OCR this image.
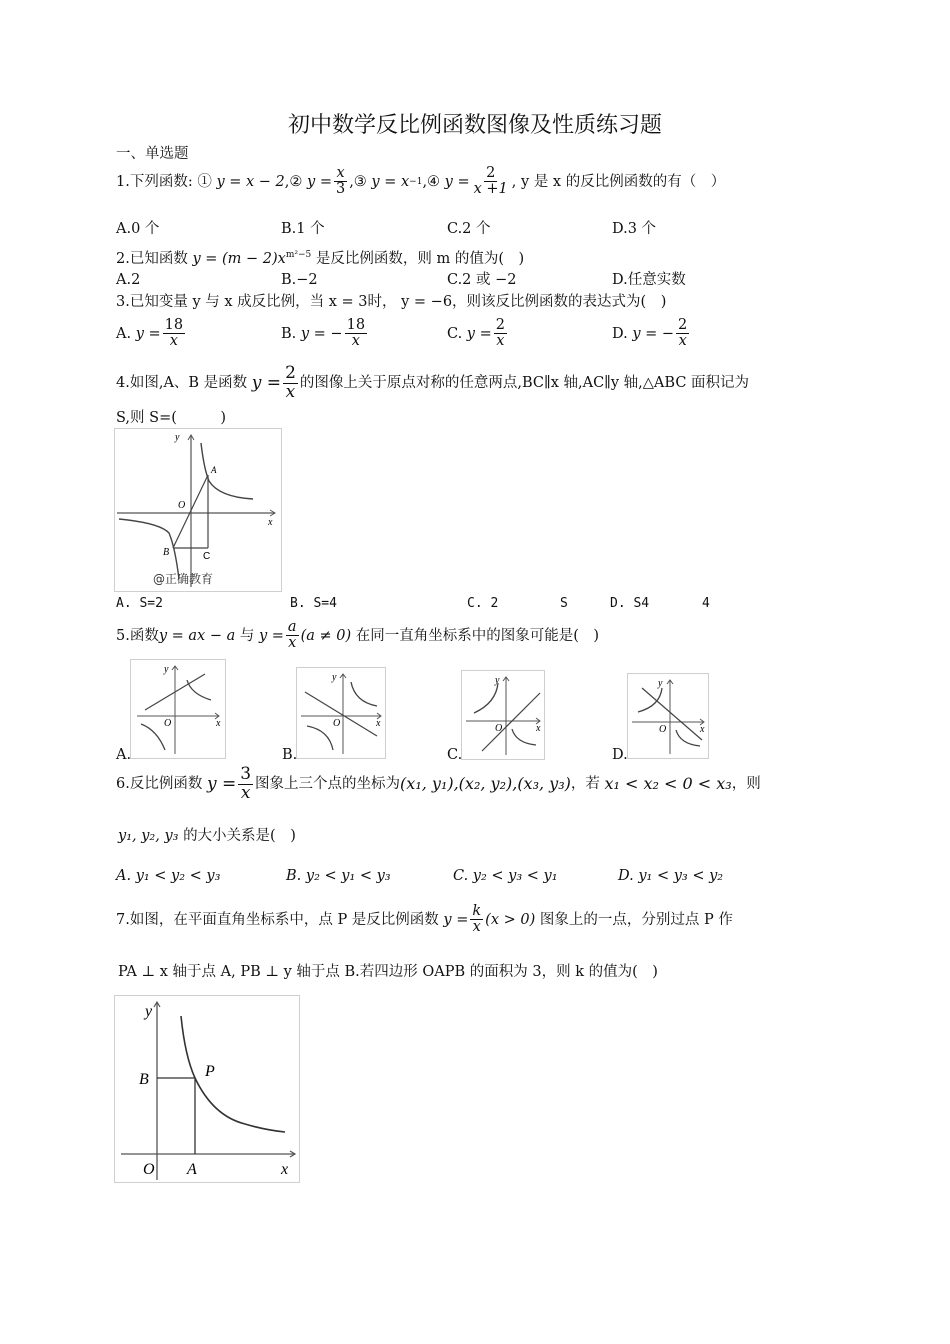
初中数学反比例函数图像及性质练习题
一、单选题
1.下列函数: ①
y = x − 2 ,②
$y = \frac{x}{3}$ ,③
y = x −1 ,④
$y = \frac{2}{x +1}$ , y 是 x 的反比例函数的有（　）
A.0 个	B.1 个	C.2 个	D.3 个
2.已知函数 $y = (m - 2)x^{m^2-5}$ 是反比例函数，则 m 的值为(　)
A.2	B.−2	C.2 或 −2	D.任意实数
3.已知变量 y 与 x 成反比例，当 x = 3时， y = −6，则该反比例函数的表达式为(　)
A.
$y = \frac{18}{x}$	B.
y = − $\frac{18}{x}$	C.
$y = \frac{2}{x}$	D.
y = − $\frac{2}{x}$
4.如图,A、B 是函数
$y = \frac{2}{x}$ 的图像上关于原点对称的任意两点,BC∥x 轴,AC∥y 轴,△ABC 面积记为
S,则 S=(　　　)
y
x
O
A
B	C
@正确教育
A. S=2	B. S=4	C. 2	S	D. S4	4
5.函数 y = ax − a
与
$y = \frac{a}{x} (a \ne 0)$
在同一直角坐标系中的图象可能是(　)
y
x
O
A.
y
x
O
B.
y
x
O
C.
y
x
O
D.
6.反比例函数
$y = \frac{3}{x}$ 图象上三个点的坐标为 (x₁, y₁),(x₂, y₂),(x₃, y₃) ，若
x₁ < x₂ < 0 < x₃ ，则
y₁, y₂, y₃ 的大小关系是(　)
A. y₁ < y₂ < y₃	B. y₂ < y₁ < y₃	C. y₂ < y₃ < y₁	D. y₁ < y₃ < y₂
7.如图，在平面直角坐标系中，点 P 是反比例函数
$y = \frac{k}{x} (x > 0)$
图象上的一点，分别过点 P 作
PA ⊥ x 轴于点 A, PB ⊥ y 轴于点 B.若四边形 OAPB 的面积为 3，则 k 的值为(　)
y
x
O A
B	P
